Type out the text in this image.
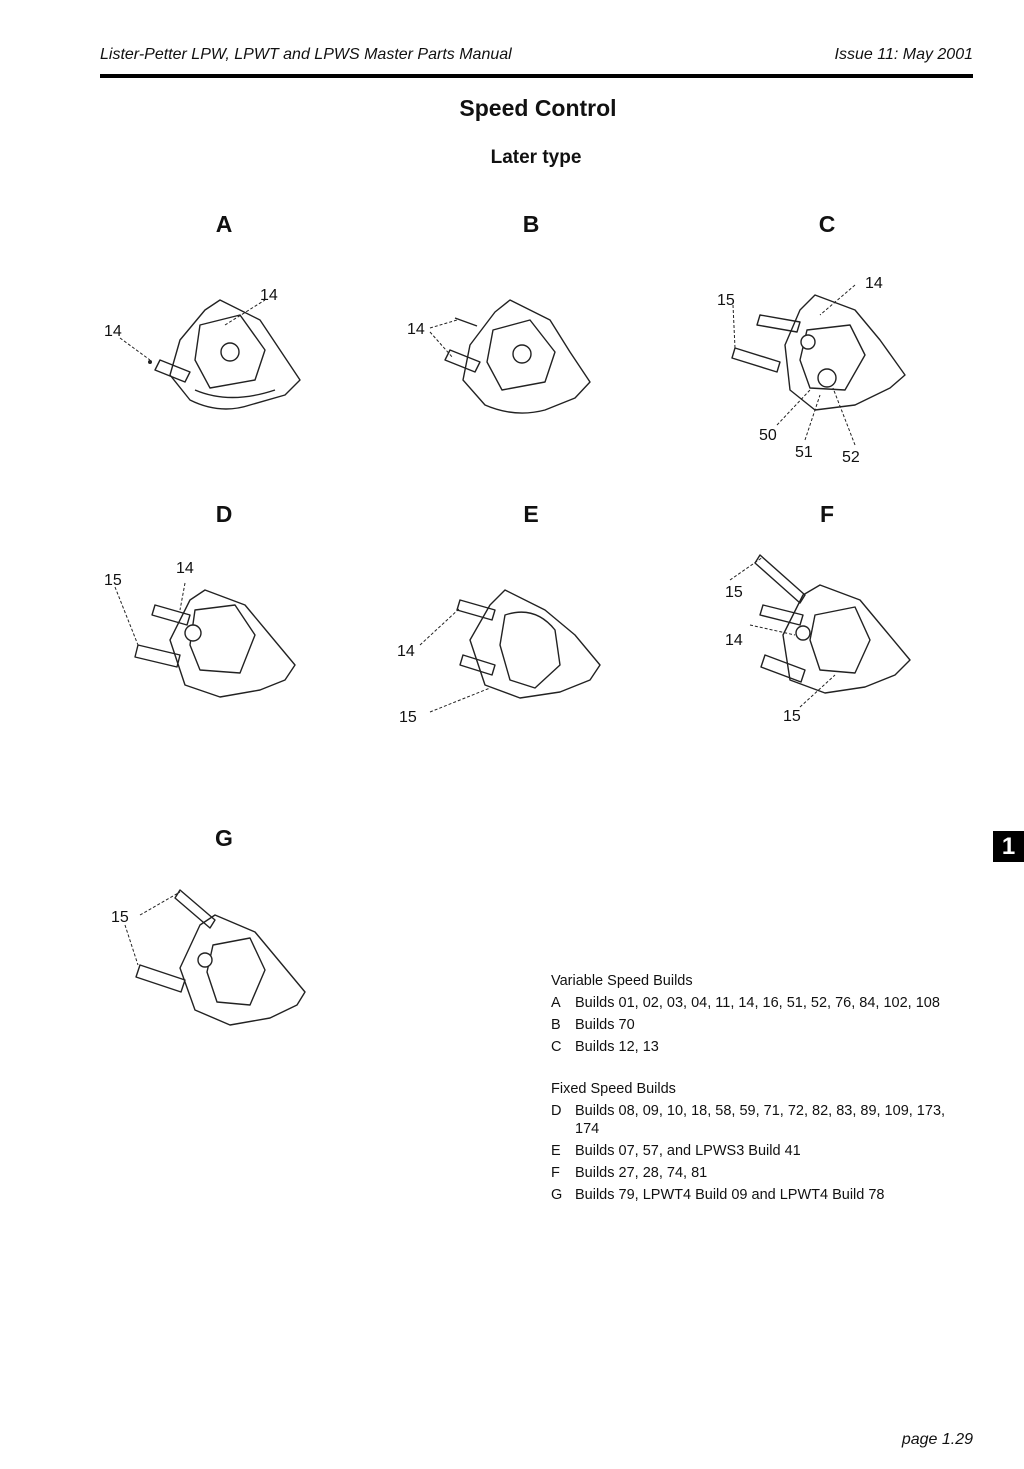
Lister-Petter LPW, LPWT and LPWS Master Parts Manual	Issue 11: May 2001
Speed Control
Later type
A	B	C
D	E	F
G
14
14	14
14
15
50
51 52
14
15
14
15
15
14
15
15
1
Variable Speed Builds
A Builds 01, 02, 03, 04, 11, 14, 16, 51, 52, 76, 84, 102, 108
B Builds 70
C Builds 12, 13
Fixed Speed Builds
D Builds 08, 09, 10, 18, 58, 59, 71, 72, 82, 83, 89, 109, 173, 174
E Builds 07, 57, and LPWS3 Build 41
F	Builds 27, 28, 74, 81
G Builds 79, LPWT4 Build 09 and LPWT4 Build 78
page 1.29
